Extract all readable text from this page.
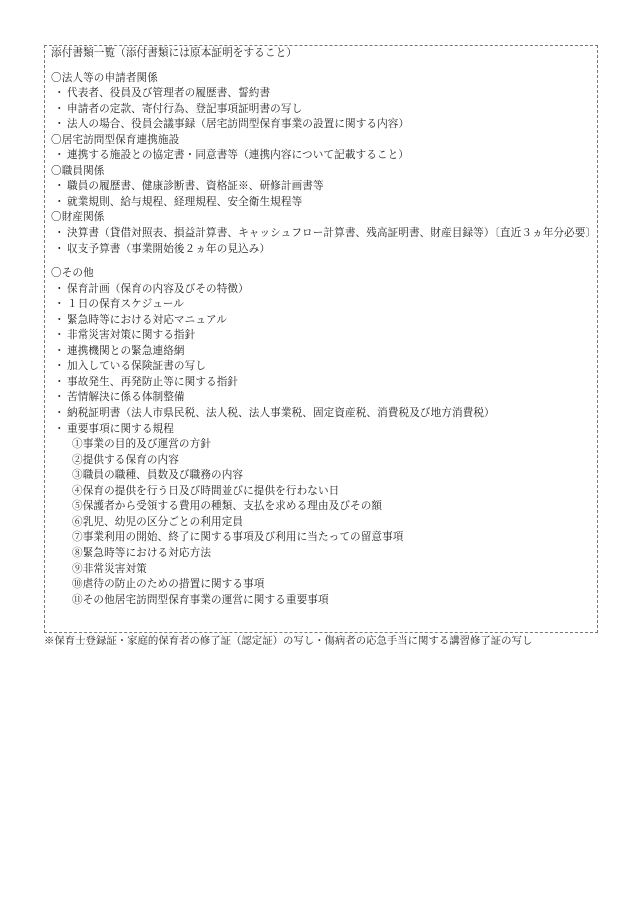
添付書類一覧（添付書類には原本証明をすること）
〇法人等の申請者関係
・ 代表者、役員及び管理者の履歴書、誓約書
・ 申請者の定款、寄付行為、登記事項証明書の写し
・ 法人の場合、役員会議事録（居宅訪問型保育事業の設置に関する内容）
〇居宅訪問型保育連携施設
・ 連携する施設との協定書・同意書等（連携内容について記載すること）
〇職員関係
・ 職員の履歴書、健康診断書、資格証※、研修計画書等
・ 就業規則、給与規程、経理規程、安全衛生規程等
〇財産関係
・ 決算書（貸借対照表、損益計算書、キャッシュフロー計算書、残高証明書、財産目録等）〔直近３ヵ年分必要〕
・ 収支予算書（事業開始後２ヵ年の見込み）
〇その他
・ 保育計画（保育の内容及びその特徴）
・ １日の保育スケジュール
・ 緊急時等における対応マニュアル
・ 非常災害対策に関する指針
・ 連携機関との緊急連絡網
・ 加入している保険証書の写し
・ 事故発生、再発防止等に関する指針
・ 苦情解決に係る体制整備
・ 納税証明書（法人市県民税、法人税、法人事業税、固定資産税、消費税及び地方消費税）
・ 重要事項に関する規程
①事業の目的及び運営の方針
②提供する保育の内容
③職員の職種、員数及び職務の内容
④保育の提供を行う日及び時間並びに提供を行わない日
⑤保護者から受領する費用の種類、支払を求める理由及びその額
⑥乳児、幼児の区分ごとの利用定員
⑦事業利用の開始、終了に関する事項及び利用に当たっての留意事項
⑧緊急時等における対応方法
⑨非常災害対策
⑩虐待の防止のための措置に関する事項
⑪その他居宅訪問型保育事業の運営に関する重要事項
※保育士登録証・家庭的保育者の修了証（認定証）の写し・傷病者の応急手当に関する講習修了証の写し
